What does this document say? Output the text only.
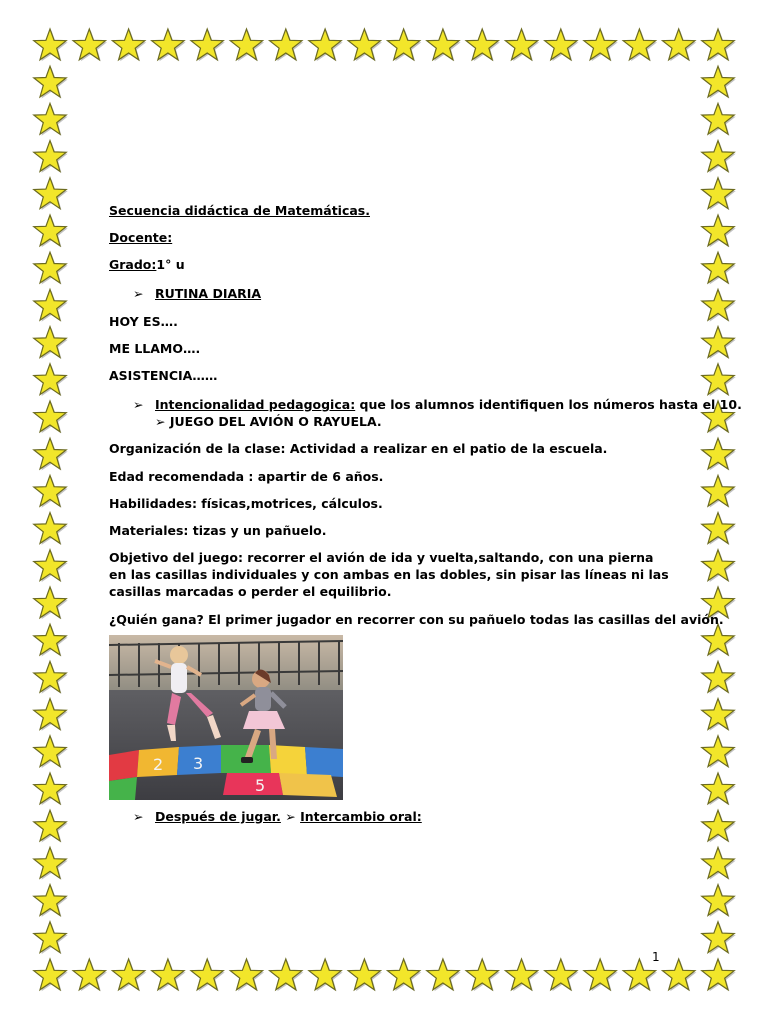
Secuencia didáctica de Matemáticas.
Docente:
Grado:1° u
➢ RUTINA DIARIA
HOY ES….
ME LLAMO….
ASISTENCIA……
➢ Intencionalidad pedagogica: que los alumnos identifiquen los números hasta el 10.
➢ JUEGO DEL AVIÓN O RAYUELA.
Organización de la clase: Actividad a realizar en el patio de la escuela.
Edad recomendada : apartir de 6 años.
Habilidades: físicas,motrices, cálculos.
Materiales: tizas y un pañuelo.
Objetivo del juego: recorrer el avión de ida y vuelta,saltando, con una pierna en las casillas individuales y con ambas en las dobles, sin pisar las líneas ni las casillas marcadas o perder el equilibrio.
¿Quién gana? El primer jugador en recorrer con su pañuelo todas las casillas del avión.
➢ Después de jugar. ➢ Intercambio oral:
2 3
5
1
